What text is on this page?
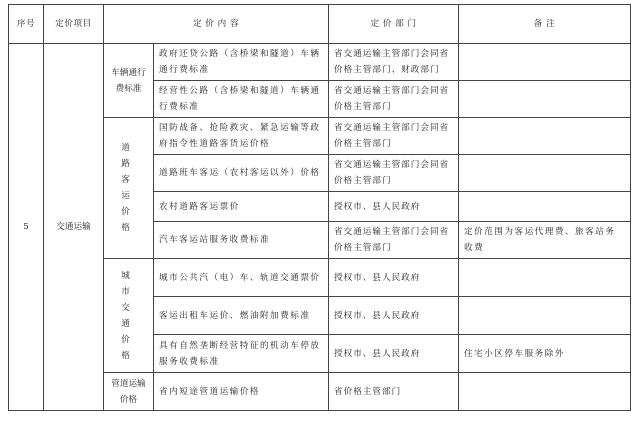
序号	定价项目	定 价 内 容		定 价 部 门	备 注
5	交通运输	车辆通行费标准	政府还贷公路（含桥梁和隧道）车辆通行费标准	省交通运输主管部门会同省价格主管部门、财政部门	
			经营性公路（含桥梁和隧道）车辆通行费标准	省交通运输主管部门会同省价格主管部门	
		道 路 客 运 价 格	国防战备、抢险救灾、紧急运输等政府指令性道路客货运价格	省交通运输主管部门会同省价格主管部门	
			道路班车客运（农村客运以外）价格	省交通运输主管部门会同省价格主管部门	
			农村道路客运票价	授权市、县人民政府	
			汽车客运站服务收费标准	省交通运输主管部门会同省价格主管部门	定价范围为客运代理费、旅客站务收费
		城 市 交 通 价 格	城市公共汽（电）车、轨道交通票价	授权市、县人民政府	
			客运出租车运价、燃油附加费标准	授权市、县人民政府	
			具有自然垄断经营特征的机动车停放服务收费标准	授权市、县人民政府	住宅小区停车服务除外
		管道运输价格	省内短途管道运输价格	省价格主管部门	
